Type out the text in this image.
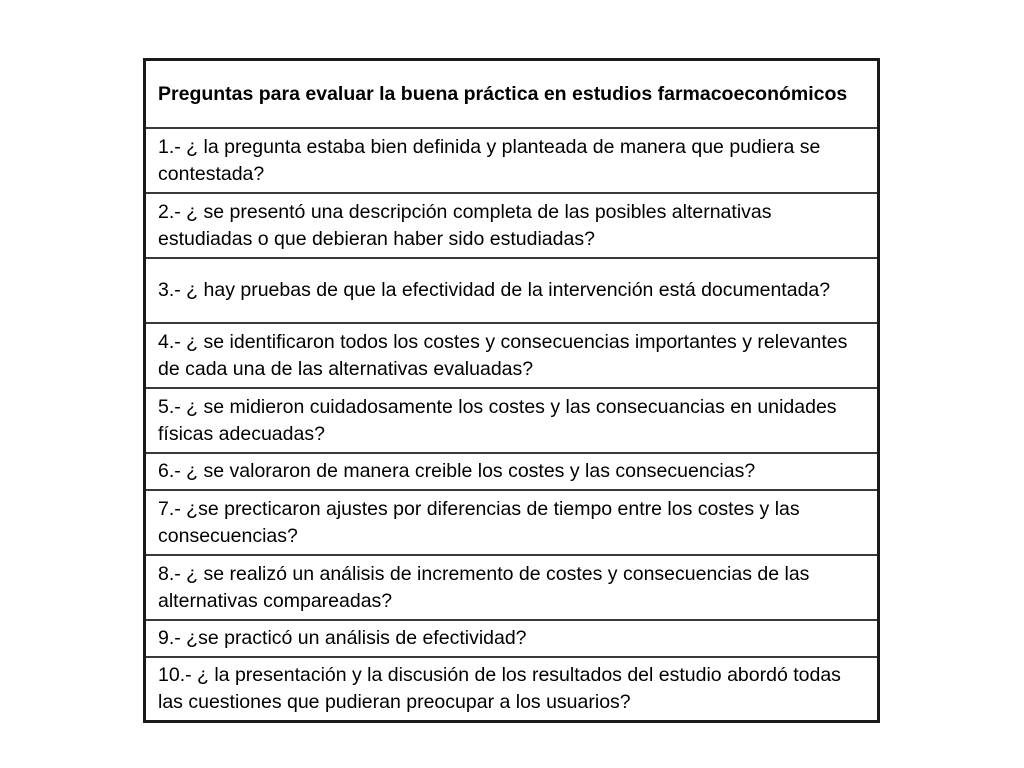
Preguntas para evaluar la buena práctica en estudios farmacoeconómicos
1.- ¿ la pregunta estaba bien definida y planteada de manera que pudiera se contestada?
2.- ¿ se presentó una descripción completa de las posibles alternativas estudiadas o que debieran haber sido estudiadas?
3.- ¿ hay pruebas de que la efectividad de la intervención está documentada?
4.- ¿ se identificaron todos los costes y consecuencias importantes y relevantes de cada una de las alternativas evaluadas?
5.- ¿ se midieron cuidadosamente los costes y las consecuancias en unidades físicas adecuadas?
6.- ¿ se valoraron de manera creible los costes y las consecuencias?
7.- ¿se precticaron ajustes por diferencias de tiempo entre los costes y las consecuencias?
8.- ¿ se realizó un análisis de incremento de costes y consecuencias de las alternativas compareadas?
9.- ¿se practicó un análisis de efectividad?
10.- ¿ la presentación y la discusión de los resultados del estudio abordó todas las cuestiones que pudieran preocupar a los usuarios?
